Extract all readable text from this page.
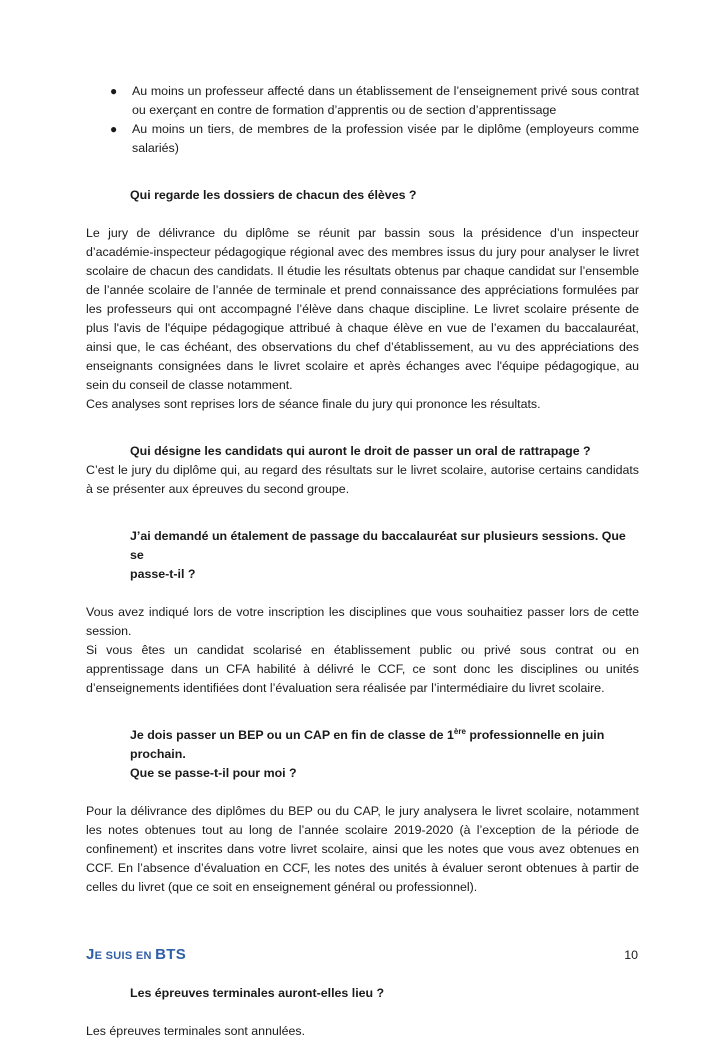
● Au moins un professeur affecté dans un établissement de l’enseignement privé sous contrat ou exerçant en contre de formation d’apprentis ou de section d’apprentissage
● Au moins un tiers, de membres de la profession visée par le diplôme (employeurs comme salariés)
Qui regarde les dossiers de chacun des élèves ?

Le jury de délivrance du diplôme se réunit par bassin sous la présidence d’un inspecteur d’académie-inspecteur pédagogique régional avec des membres issus du jury pour analyser le livret scolaire de chacun des candidats. Il étudie les résultats obtenus par chaque candidat sur l’ensemble de l’année scolaire de l’année de terminale et prend connaissance des appréciations formulées par les professeurs qui ont accompagné l’élève dans chaque discipline. Le livret scolaire présente de plus l'avis de l'équipe pédagogique attribué à chaque élève en vue de l’examen du baccalauréat, ainsi que, le cas échéant, des observations du chef d’établissement, au vu des appréciations des enseignants consignées dans le livret scolaire et après échanges avec l'équipe pédagogique, au sein du conseil de classe notamment.

Ces analyses sont reprises lors de séance finale du jury qui prononce les résultats.

Qui désigne les candidats qui auront le droit de passer un oral de rattrapage ?

C’est le jury du diplôme qui, au regard des résultats sur le livret scolaire, autorise certains candidats à se présenter aux épreuves du second groupe.

J’ai demandé un étalement de passage du baccalauréat sur plusieurs sessions. Que se
passe-t-il ?

Vous avez indiqué lors de votre inscription les disciplines que vous souhaitiez passer lors de cette session.

Si vous êtes un candidat scolarisé en établissement public ou privé sous contrat ou en apprentissage dans un CFA habilité à délivré le CCF, ce sont donc les disciplines ou unités d’enseignements identifiées dont l’évaluation sera réalisée par l’intermédiaire du livret scolaire.

Je dois passer un BEP ou un CAP en fin de classe de 1ère professionnelle en juin prochain.
Que se passe-t-il pour moi ?

Pour la délivrance des diplômes du BEP ou du CAP, le jury analysera le livret scolaire, notamment les notes obtenues tout au long de l’année scolaire 2019-2020 (à l’exception de la période de confinement) et inscrites dans votre livret scolaire, ainsi que les notes que vous avez obtenues en CCF. En l’absence d’évaluation en CCF, les notes des unités à évaluer seront obtenues à partir de celles du livret (que ce soit en enseignement général ou professionnel).

JE SUIS EN BTS
Les épreuves terminales auront-elles lieu ?

Les épreuves terminales sont annulées.

10
